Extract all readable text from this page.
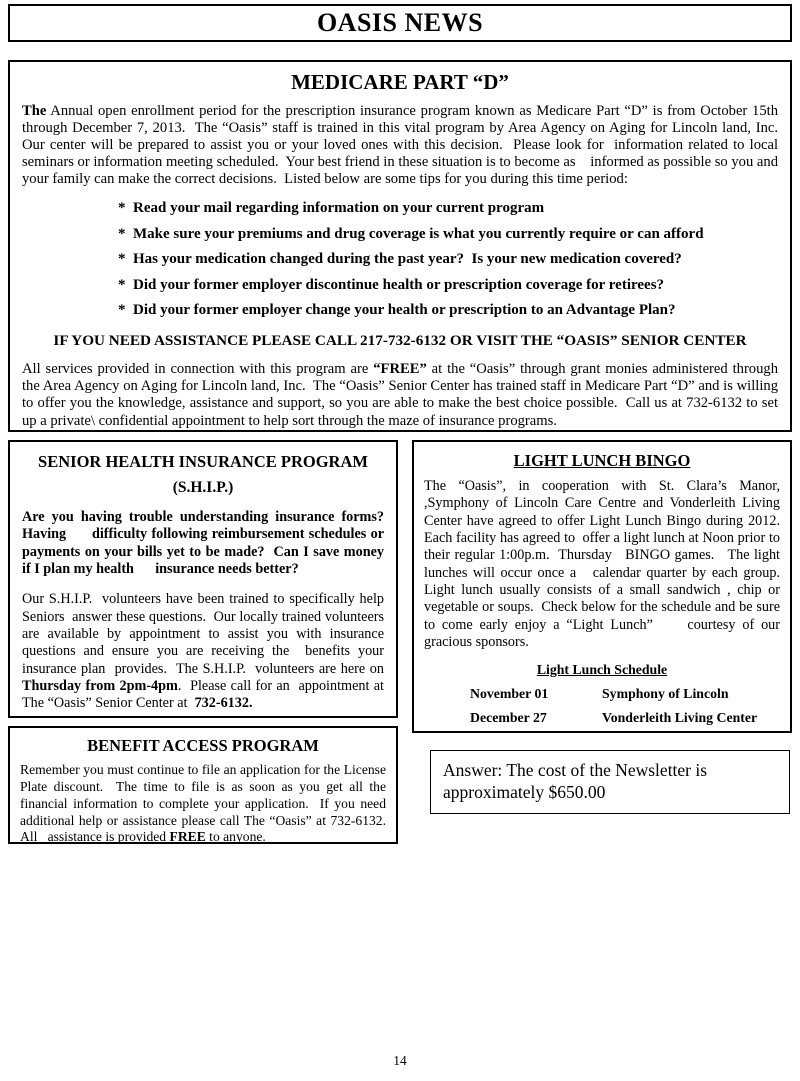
OASIS NEWS
MEDICARE PART “D”

The Annual open enrollment period for the prescription insurance program known as Medicare Part “D” is from October 15th through December 7, 2013.  The “Oasis” staff is trained in this vital program by Area Agency on Aging for Lincoln land, Inc.   Our center will be prepared to assist you or your loved ones with this decision.  Please look for  information related to local seminars or information meeting scheduled.  Your best friend in these situation is to become as    informed as possible so you and your family can make the correct decisions.  Listed below are some tips for you during this time period:

*  Read your mail regarding information on your current program
*  Make sure your premiums and drug coverage is what you currently require or can afford
*  Has your medication changed during the past year?  Is your new medication covered?
*  Did your former employer discontinue health or prescription coverage for retirees?
*  Did your former employer change your health or prescription to an Advantage Plan?

IF YOU NEED ASSISTANCE PLEASE CALL 217-732-6132 OR VISIT THE “OASIS” SENIOR CENTER

All services provided in connection with this program are “FREE” at the “Oasis” through grant monies administered through the Area Agency on Aging for Lincoln land, Inc.  The “Oasis” Senior Center has trained staff in Medicare Part “D” and is willing to offer you the knowledge, assistance and support, so you are able to make the best choice possible.  Call us at 732-6132 to set up a private\ confidential appointment to help sort through the maze of insurance programs.

SENIOR HEALTH INSURANCE PROGRAM
(S.H.I.P.)

Are you having trouble understanding insurance forms?  Having      difficulty following reimbursement schedules or payments on your bills yet to be made?  Can I save money if I plan my health      insurance needs better?

Our S.H.I.P.  volunteers have been trained to specifically help Seniors  answer these questions.  Our locally trained volunteers are available by appointment to assist you with insurance  questions and ensure you are receiving the  benefits your  insurance plan  provides.  The S.H.I.P.  volunteers are here on Thursday from 2pm-4pm.  Please call for an  appointment at The “Oasis” Senior Center at  732-6132.

LIGHT LUNCH BINGO

The  “Oasis”,  in  cooperation  with  St.  Clara’s  Manor, ,Symphony of Lincoln Care Centre and Vonderleith Living Center have agreed to offer Light Lunch Bingo during 2012. Each facility has agreed to  offer a light lunch at Noon prior to their regular 1:00p.m.  Thursday   BINGO games.   The light lunches will occur once a   calendar quarter by each group. Light lunch usually consists of a small sandwich , chip or vegetable or soups.  Check below for the schedule and be sure to come early enjoy a “Light Lunch”     courtesy of our gracious sponsors.

Light Lunch Schedule
November 01	Symphony of Lincoln
December 27	Vonderleith Living Center
BENEFIT ACCESS PROGRAM

Remember you must continue to file an application for the License Plate discount.  The time to file is as soon as you get all the financial information to complete your application.  If you need additional help or assistance please call The “Oasis” at 732-6132.  All   assistance is provided FREE to anyone.

Answer: The cost of the Newsletter is approximately $650.00

14
